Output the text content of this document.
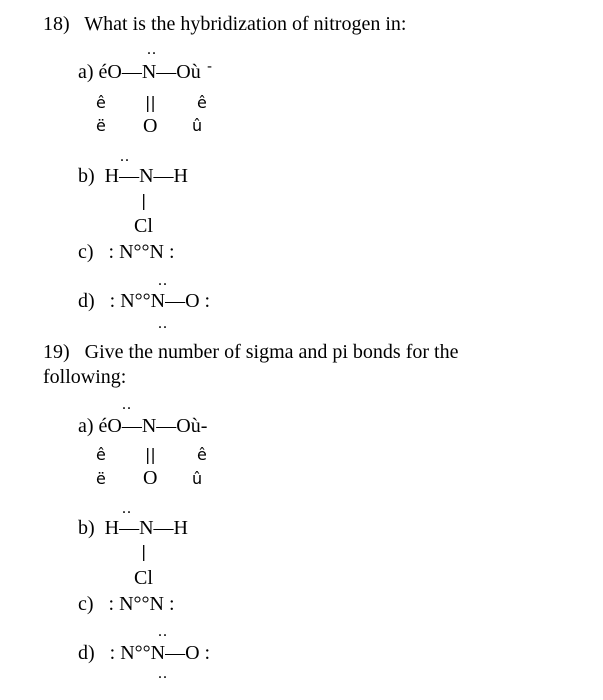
18)   What is the hybridization of nitrogen in:
..
a) éO—N—Où -
ê ||	ê
ë O û
..
b)  H—N—H
|
Cl
c)   : N°°N :
..
d)   : N°°N—O :
..
19)   Give the number of sigma and pi bonds for the
following:
..
a) éO—N—Où-
ê ||	ê
ë O û
..
b)  H—N—H
|
Cl
c)   : N°°N :
..
d)   : N°°N—O :
..
